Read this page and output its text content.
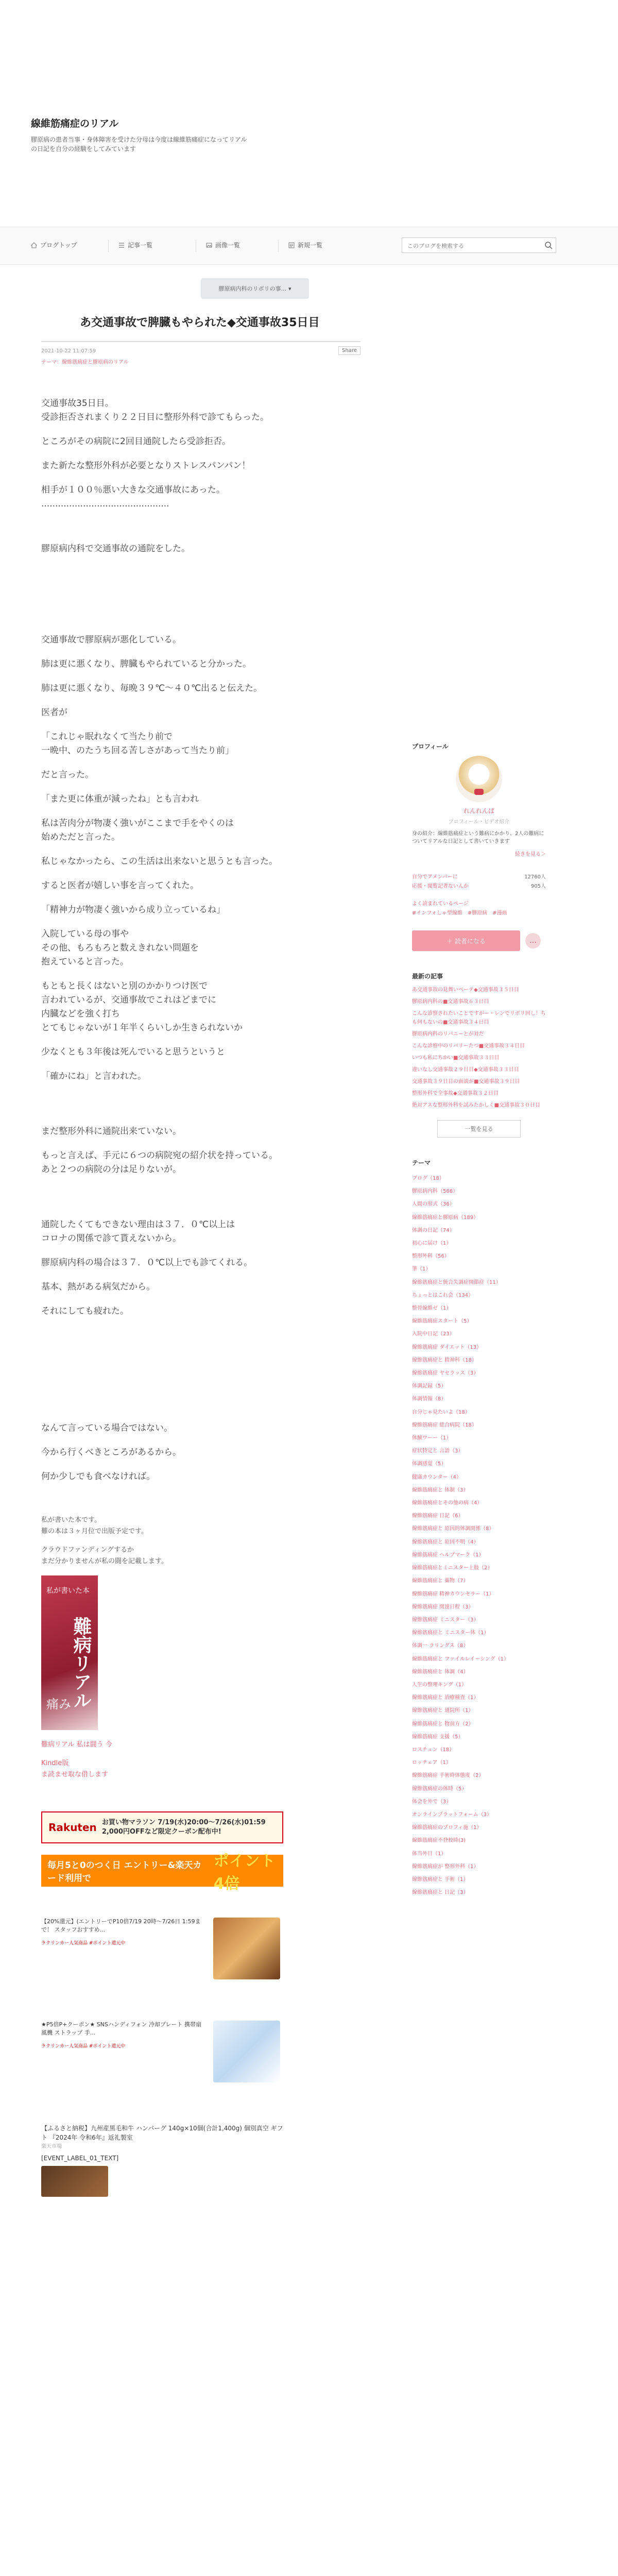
線維筋痛症のリアル
膠原病の患者当事・身体障害を受けた分母は今度は線維筋痛症になってリアルの日記を自分の経験をしてみています
ブログトップ	記事一覧	画像一覧	新規一覧
このブログを検索する
膠原病内科のリボリの事... ▾
あ交通事故で脾臓もやられた◆交通事故35日目
2021-10-22 11:07:59	Share
テーマ：線維筋痛症と膠原病のリアル

交通事故35日目。

受診拒否されまくり２２日目に整形外科で診てもらった。

ところがその病院に2回目通院したら受診拒否。

また新たな整形外科が必要となりストレスパンパン！

相手が１００％悪い大きな交通事故にあった。

..............................................

膠原病内科で交通事故の通院をした。

交通事故で膠原病が悪化している。

肺は更に悪くなり、脾臓もやられていると分かった。

肺は更に悪くなり、毎晩３９℃〜４０℃出ると伝えた。

医者が

「これじゃ眠れなくて当たり前で

一晩中、のたうち回る苦しさがあって当たり前」

だと言った。

「また更に体重が減ったね」とも言われ

私は苦肉分が物凄く強いがここまで手をやくのは

始めただと言った。

私じゃなかったら、この生活は出来ないと思うとも言った。

すると医者が嬉しい事を言ってくれた。

「精神力が物凄く強いから成り立っているね」

入院している母の事や

その他、もろもろと数えきれない問題を

抱えていると言った。

もともと長くはないと別のかかりつけ医で

言われているが、交通事故でこれはどまでに

内臓などを強く打ち

とてもじゃないが１年半くらいしか生きられないか

少なくとも３年後は死んでいると思うというと

「確かにね」と言われた。

まだ整形外科に通院出来ていない。

もっと言えば、手元に６つの病院宛の紹介状を持っている。

あと２つの病院の分は足りないが。

通院したくてもできない理由は３７．０℃以上は

コロナの関係で診て貰えないから。

膠原病内科の場合は３７．０℃以上でも診てくれる。

基本、熱がある病気だから。

それにしても疲れた。

なんて言っている場合ではない。

今から行くべきところがあるから。

何か少しでも食べなければ。

私が書いた本です。
難の本は３ヶ月位で出版予定です。
クラウドファンディングするか
まだ分かりませんが私の闘を記載します。
私が書いた本
難病リアル
痛み
難病リアル 私は闘う 今
Kindle版
ま読ませ取な借します
Rakuten お買い物マラソン 7/19(水)20:00〜7/26(水)01:59
2,000円OFFなど限定クーポン配布中!
毎月5と0のつく日 エントリー&楽天カード利用で
ポイント4倍
【20%還元】(エントリーでP10倍7/19 20時〜7/26日 1:59まで！ スタッフおすすめ...
ラクリンカー人気商品 #ポイント還元中
★P5倍P+クーポン★ SNSハンディフォン 冷却プレート 携帯扇風機 ストラップ 手...
ラクリンカー人気商品 #ポイント還元中
【ふるさと納税】九州産黒毛和牛 ハンバーグ 140g×10個(合計1,400g) 個別真空 ギフト 『2024年 令和6年』返礼製室
楽天市場
[EVENT_LABEL_01_TEXT]
プロフィール
れんれんぱ
プロフィール・ビデオ紹介
身の紹介：線維筋痛症という難病にかかり、2人の難病についてリアルな日記として書いていきます
続きを見る＞
自分でアメンバーに
応援・閲覧記者ないんか
12760人
905人
よく読まれているページ
#インフォしゃ型線維　#膠原病　#漫画
＋ 読者になる	…
最新の記事
あ交通事故の見舞いペーテ◆交通事故３５日目
膠原病内科の■交通事故６３日目
こんな診察されたいことですがー・レンでリボリ回し！ちも何もないの■交通事故３４日目
膠原病内科のリバニーとが対だ
こんな診察中のリバリーたつ■交通事故３４日目
いつも私にちかい■交通事故３３日目
違いなし交通事故２９日目◆交通事故３３日目
交通事故３９日目の面談が■交通事故３９日目
整形外科で全事故◆交通事故３２日目
絶対アスな整形外科を試みたかしく■交通事故３０日目
一覧を見る
テーマ
ブログ（18）
膠原病内科（566）
人間の形式（36）
線維筋痛症と膠原病（189）
体調の日記（74）
初心に届け（1）
整形外科（56）
筆（1）
線維筋痛症と統合失調症関節症（11）
ちょっとはこれ会（134）
整骨線維ゼ（1）
線維筋痛症スタート（5）
入院中日記（23）
線維筋痛症 ダイエット（13）
線維筋痛症と 精神科（18）
線維筋痛症 ヤセラッス（3）
体調記録（5）
体調情報（8）
自分じゃ見たいよ（18）
線維筋痛症 総合病院（18）
体験ワーー（1）
症状特定と 言語（3）
体調感覚（5）
健康カウンター（4）
線維筋痛症と 体制（3）
線維筋痛症とその他の病（4）
線維筋痛症 日記（6）
線維筋痛症と 原因的体調関係（8）
線維筋痛症と 原因不明（4）
線維筋痛症 ヘルプマーク（1）
線維筋痛症とミニスター上肢（2）
線維筋痛症と 薬物（7）
線維筋痛症 精神カウンセラー（1）
線維筋痛症 関連日程（3）
線維筋痛症 ミニスター（3）
線維筋痛症と ミニスター体（1）
体調一 ラリングス（8）
線維筋痛症と ファイルレイーシング（1）
線維筋痛症と 体調（4）
人生の整理キング（1）
線維筋痛症と 治療検査（1）
線維筋痛症と 通院所（1）
線維筋痛症と 物前方（2）
線維筋痛症 支援（5）
ロスチュン（18）
ロッチェア（1）
線維筋痛症 手術時体態度（2）
線維筋痛症の体時（5）
体会を外で（3）
オンラインプラットフォーム（3）
線維筋痛症のプロフィ施（1）
線維筋痛症不登校時(3)
体当外日（1）
線維筋痛症が 整形外科（1）
線維筋痛症と 手術（1）
線維筋痛症と 日記（3）
